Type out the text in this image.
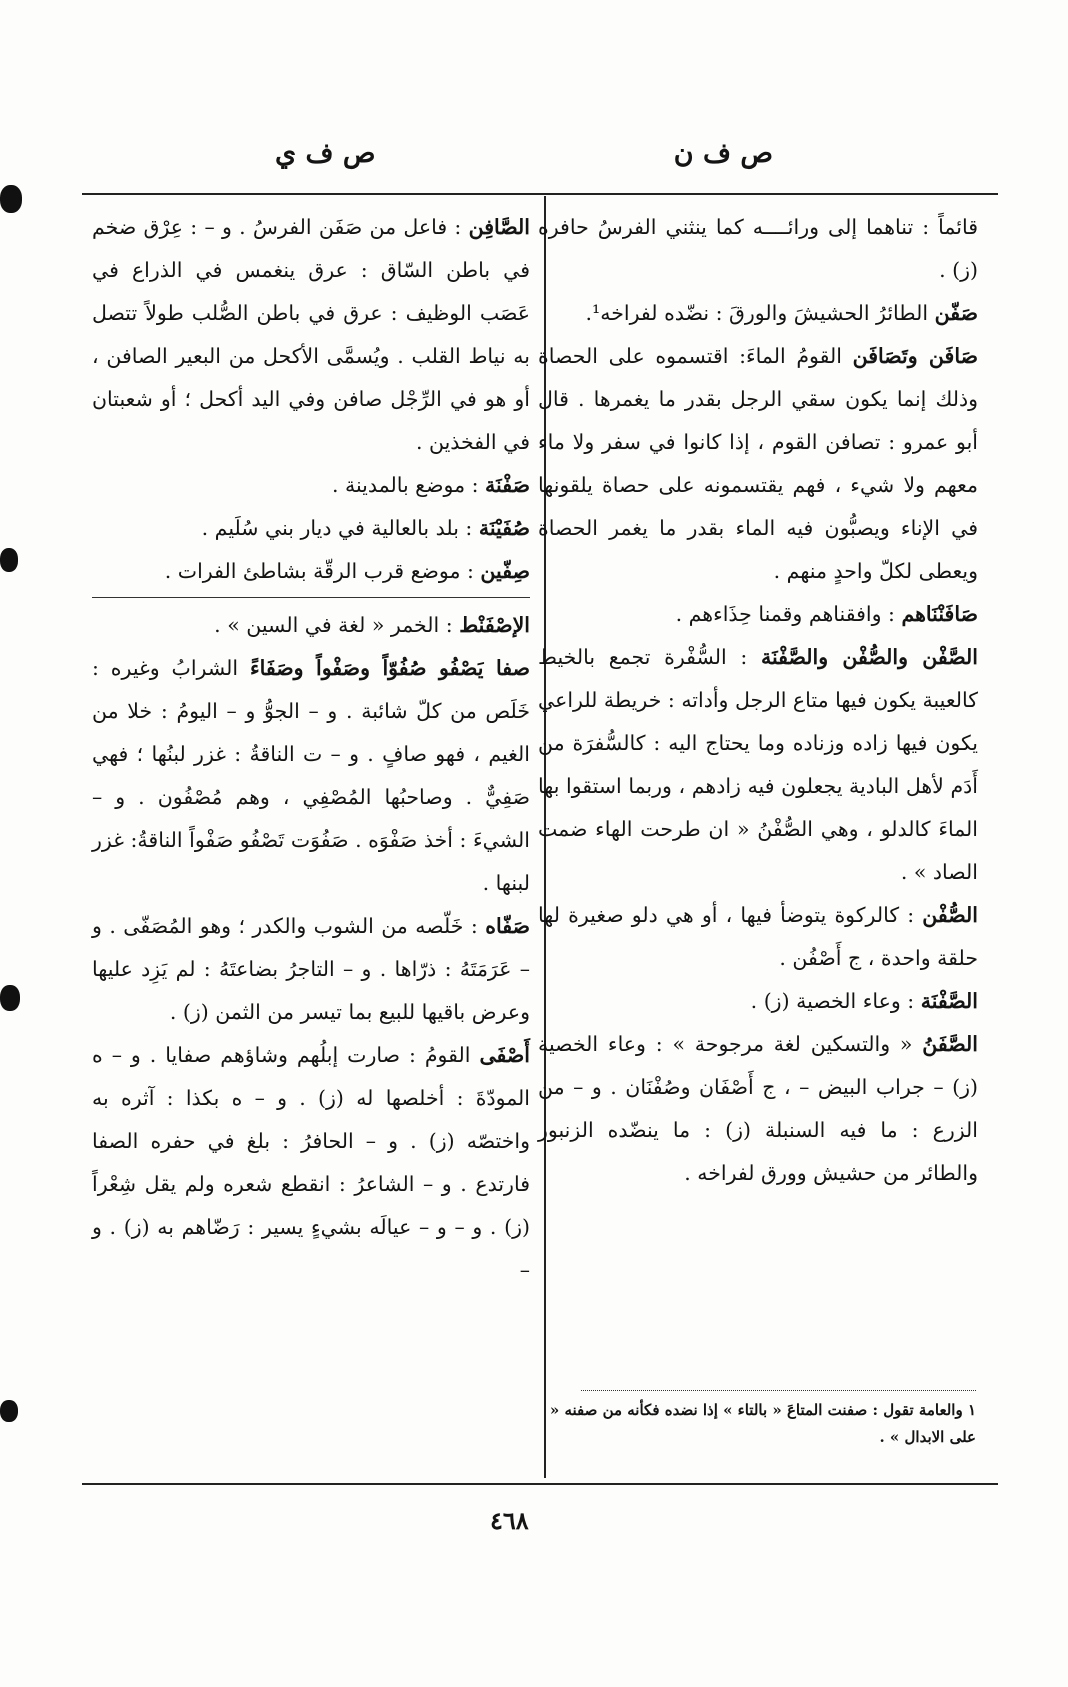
ص ف ن
ص ف ي

قائماً : تناهما إلى ورائــــه كما ينثني الفرسُ حافره (ز) .

صَفّن الطائرُ الحشيشَ والورقَ : نضّده لفراخه¹.

صَافَن وتَصَافَن القومُ الماءَ: اقتسموه على الحصاة وذلك إنما يكون سقي الرجل بقدر ما يغمرها . قال أبو عمرو : تصافن القوم ، إذا كانوا في سفر ولا ماء معهم ولا شيء ، فهم يقتسمونه على حصاة يلقونها في الإناء ويصبُّون فيه الماء بقدر ما يغمر الحصاة ويعطى لكلّ واحدٍ منهم .

صَافَنْنَاهم : وافقناهم وقمنا حِذَاءهم .

الصَّفْن والصُّفْن والصَّفْنَة : السُّفْرة تجمع بالخيط كالعيبة يكون فيها متاع الرجل وأداته : خريطة للراعي يكون فيها زاده وزناده وما يحتاج اليه : كالسُّفرَة من أَدَم لأهل البادية يجعلون فيه زادهم ، وربما استقوا بها الماءَ كالدلو ، وهي الصُّفْنُ « ان طرحت الهاء ضمت الصاد » .

الصُّفْن : كالركوة يتوضأ فيها ، أو هي دلو صغيرة لها حلقة واحدة ، ج أَصْفُن .

الصَّفْنَة : وعاء الخصية (ز) .

الصَّفَنُ « والتسكين لغة مرجوحة » : وعاء الخصية (ز) – جراب البيض – ، ج أَصْفَان وصُفْنَان . و – من الزرع : ما فيه السنبلة (ز) : ما ينضّده الزنبور والطائر من حشيش وورق لفراخه .

الصَّافِن : فاعل من صَفَن الفرسُ . و – : عِرْق ضخم في باطن السّاق : عرق ينغمس في الذراع في عَصَب الوظيف : عرق في باطن الصُّلب طولاً تتصل به نياط القلب . ويُسمَّى الأكحل من البعير الصافن ، أو هو في الرِّجْل صافن وفي اليد أكحل ؛ أو شعبتان في الفخذين .

صَفْنَة : موضع بالمدينة .

صُفَيْنَة : بلد بالعالية في ديار بني سُلَيم .

صِفّين : موضع قرب الرقّة بشاطئ الفرات .

الإصْفَنْط : الخمر « لغة في السين » .

صفا يَصْفُو صُفُوّاً وصَفْواً وصَفَاءً الشرابُ وغيره : خَلَص من كلّ شائبة . و – الجوُّ و – اليومُ : خلا من الغيم ، فهو صافٍ . و – ت الناقةُ : غزر لبنُها ؛ فهي صَفِيٌّ . وصاحبُها المُصْفِي ، وهم مُصْفُون . و – الشيءَ : أخذ صَفْوَه . صَفُوَت تَصْفُو صَفْواً الناقةُ: غزر لبنها .

صَفّاه : خَلّصه من الشوب والكدر ؛ وهو المُصَفّى . و – عَرَمَتَهُ : ذرّاها . و – التاجرُ بضاعتَهُ : لم يَزِد عليها وعرض باقيها للبيع بما تيسر من الثمن (ز) .

أَصْفَى القومُ : صارت إبلُهم وشاؤهم صفايا . و – ه المودّةَ : أخلصها له (ز) . و – ه بكذا : آثره به واختصّه (ز) . و – الحافرُ : بلغ في حفره الصفا فارتدع . و – الشاعرُ : انقطع شعره ولم يقل شِعْراً (ز) . و – و – عيالَه بشيءٍ يسير : رَضّاهم به (ز) . و –

١ والعامة تقول : صفنت المتاعَ « بالتاء » إذا نضده فكأنه من صفنه « على الابدال » .
٤٦٨
